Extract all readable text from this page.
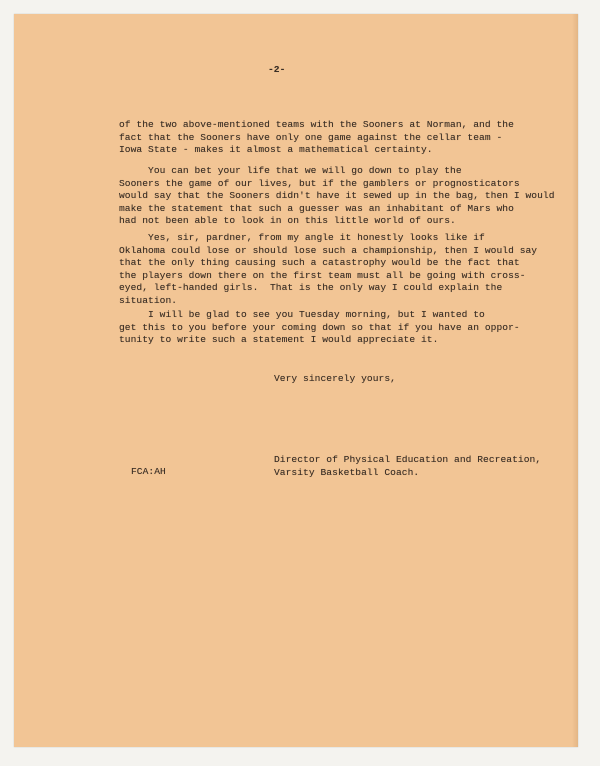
-2-
of the two above-mentioned teams with the Sooners at Norman, and the
fact that the Sooners have only one game against the cellar team -
Iowa State - makes it almost a mathematical certainty.
You can bet your life that we will go down to play the
Sooners the game of our lives, but if the gamblers or prognosticators
would say that the Sooners didn't have it sewed up in the bag, then I would
make the statement that such a guesser was an inhabitant of Mars who
had not been able to look in on this little world of ours.
Yes, sir, pardner, from my angle it honestly looks like if
Oklahoma could lose or should lose such a championship, then I would say
that the only thing causing such a catastrophy would be the fact that
the players down there on the first team must all be going with cross-
eyed, left-handed girls.  That is the only way I could explain the
situation.
I will be glad to see you Tuesday morning, but I wanted to
get this to you before your coming down so that if you have an oppor-
tunity to write such a statement I would appreciate it.
Very sincerely yours,
Director of Physical Education and Recreation,
Varsity Basketball Coach.
FCA:AH
